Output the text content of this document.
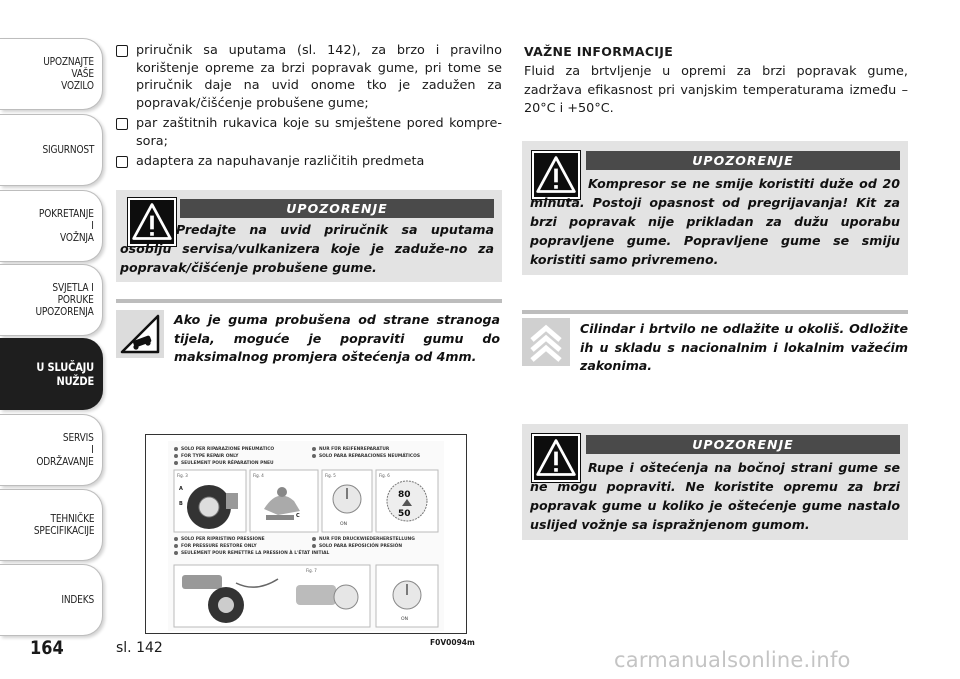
UPOZNAJTE
VAŠE
VOZILO
SIGURNOST
POKRETANJE
I
VOŽNJA
SVJETLA I
PORUKE
UPOZORENJA
U SLUČAJU
NUŽDE
SERVIS
I
ODRŽAVANJE
TEHNIČKE
SPECIFIKACIJE
INDEKS
164
priručnik sa uputama (sl. 142), za brzo i pravilno korištenje opreme za brzi popravak gume, pri tome se priručnik daje na uvid onome tko je zadužen za popravak/čišćenje probušene gume;
par zaštitnih rukavica koje su smještene pored kompre-sora;
adaptera za napuhavanje različitih predmeta
UPOZORENJE
Predajte na uvid priručnik sa uputama osoblju servisa/vulkanizera koje je zaduže-no za popravak/čišćenje probušene gume.
Ako je guma probušena od strane stranoga tijela, moguće je popraviti gumu do maksimalnog promjera oštećenja od 4mm.
SOLO PER RIPARAZIONE PNEUMATICO
FOR TYPE REPAIR ONLY
SEULEMENT POUR RÉPARATION PNEU
NUR FÜR REIFENREPARATUR
SOLO PARA REPARACIONES NEUMÁTICOS
Fig. 3	Fig. 4	Fig. 5	Fig. 6
A
B
C
ON
80
50
SOLO PER RIPRISTINO PRESSIONE
FOR PRESSURE RESTORE ONLY
SEULEMENT POUR REMETTRE LA PRESSION À L'ÉTAT INITIAL
NUR FÜR DRUCKWIEDERHERSTELLUNG
SOLO PARA REPOSICIÓN PRESIÓN
Fig. 7
ON
sl. 142	F0V0094m
VAŽNE INFORMACIJE
Fluid za brtvljenje u opremi za brzi popravak gume, zadržava efikasnost pri vanjskim temperaturama između –20°C i +50°C.
UPOZORENJE
Kompresor se ne smije koristiti duže od 20 minuta. Postoji opasnost od pregrijavanja! Kit za brzi popravak nije prikladan za dužu uporabu popravljene gume. Popravljene gume se smiju koristiti samo privremeno.
Cilindar i brtvilo ne odlažite u okoliš. Odložite ih u skladu s nacionalnim i lokalnim važećim zakonima.
UPOZORENJE
Rupe i oštećenja na bočnoj strani gume se ne mogu popraviti. Ne koristite opremu za brzi popravak gume u koliko je oštećenje gume nastalo uslijed vožnje sa ispražnjenom gumom.
carmanualsonline.info
